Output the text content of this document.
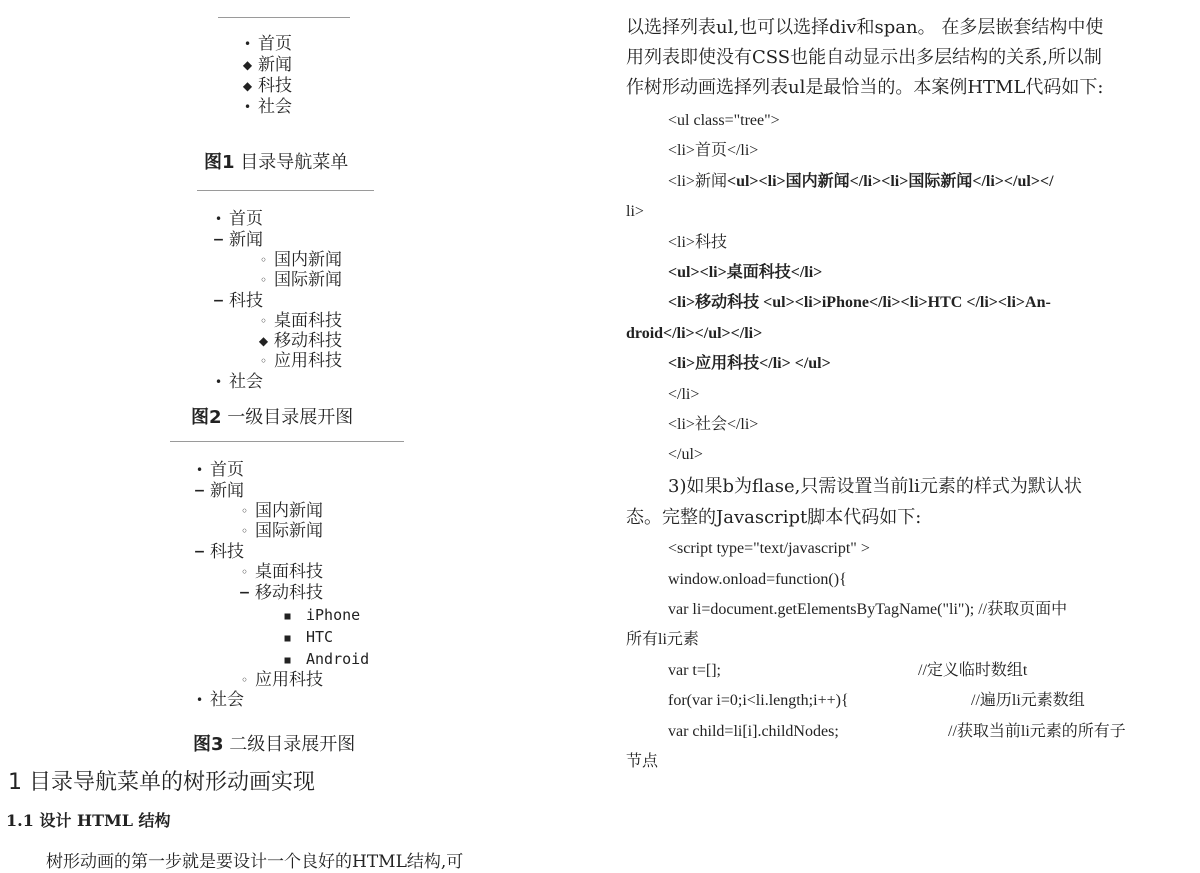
• 首页
◆ 新闻
◆ 科技
• 社会
图1 目录导航菜单
• 首页
− 新闻
◦ 国内新闻
◦ 国际新闻
− 科技
◦ 桌面科技
◆ 移动科技
◦ 应用科技
• 社会
图2 一级目录展开图
• 首页
− 新闻
◦ 国内新闻
◦ 国际新闻
− 科技
◦ 桌面科技
− 移动科技
■ iPhone
■ HTC
■ Android
◦ 应用科技
• 社会
图3 二级目录展开图
1 目录导航菜单的树形动画实现
1.1 设计 HTML 结构
树形动画的第一步就是要设计一个良好的HTML结构,可
以选择列表ul,也可以选择div和span。 在多层嵌套结构中使
用列表即使没有CSS也能自动显示出多层结构的关系,所以制
作树形动画选择列表ul是最恰当的。本案例HTML代码如下:
<ul class="tree">
<li>首页</li>
<li>新闻<ul><li>国内新闻</li><li>国际新闻</li></ul></
li>
<li>科技
<ul><li>桌面科技</li>
<li>移动科技 <ul><li>iPhone</li><li>HTC </li><li>An-
droid</li></ul></li>
<li>应用科技</li> </ul>
</li>
<li>社会</li>
</ul>
3)如果b为flase,只需设置当前li元素的样式为默认状
态。完整的Javascript脚本代码如下:
<script type="text/javascript" >
window.onload=function(){
var li=document.getElementsByTagName("li"); //获取页面中
所有li元素
var t=[];	//定义临时数组t
for(var i=0;i<li.length;i++){	//遍历li元素数组
var child=li[i].childNodes;	//获取当前li元素的所有子
节点
